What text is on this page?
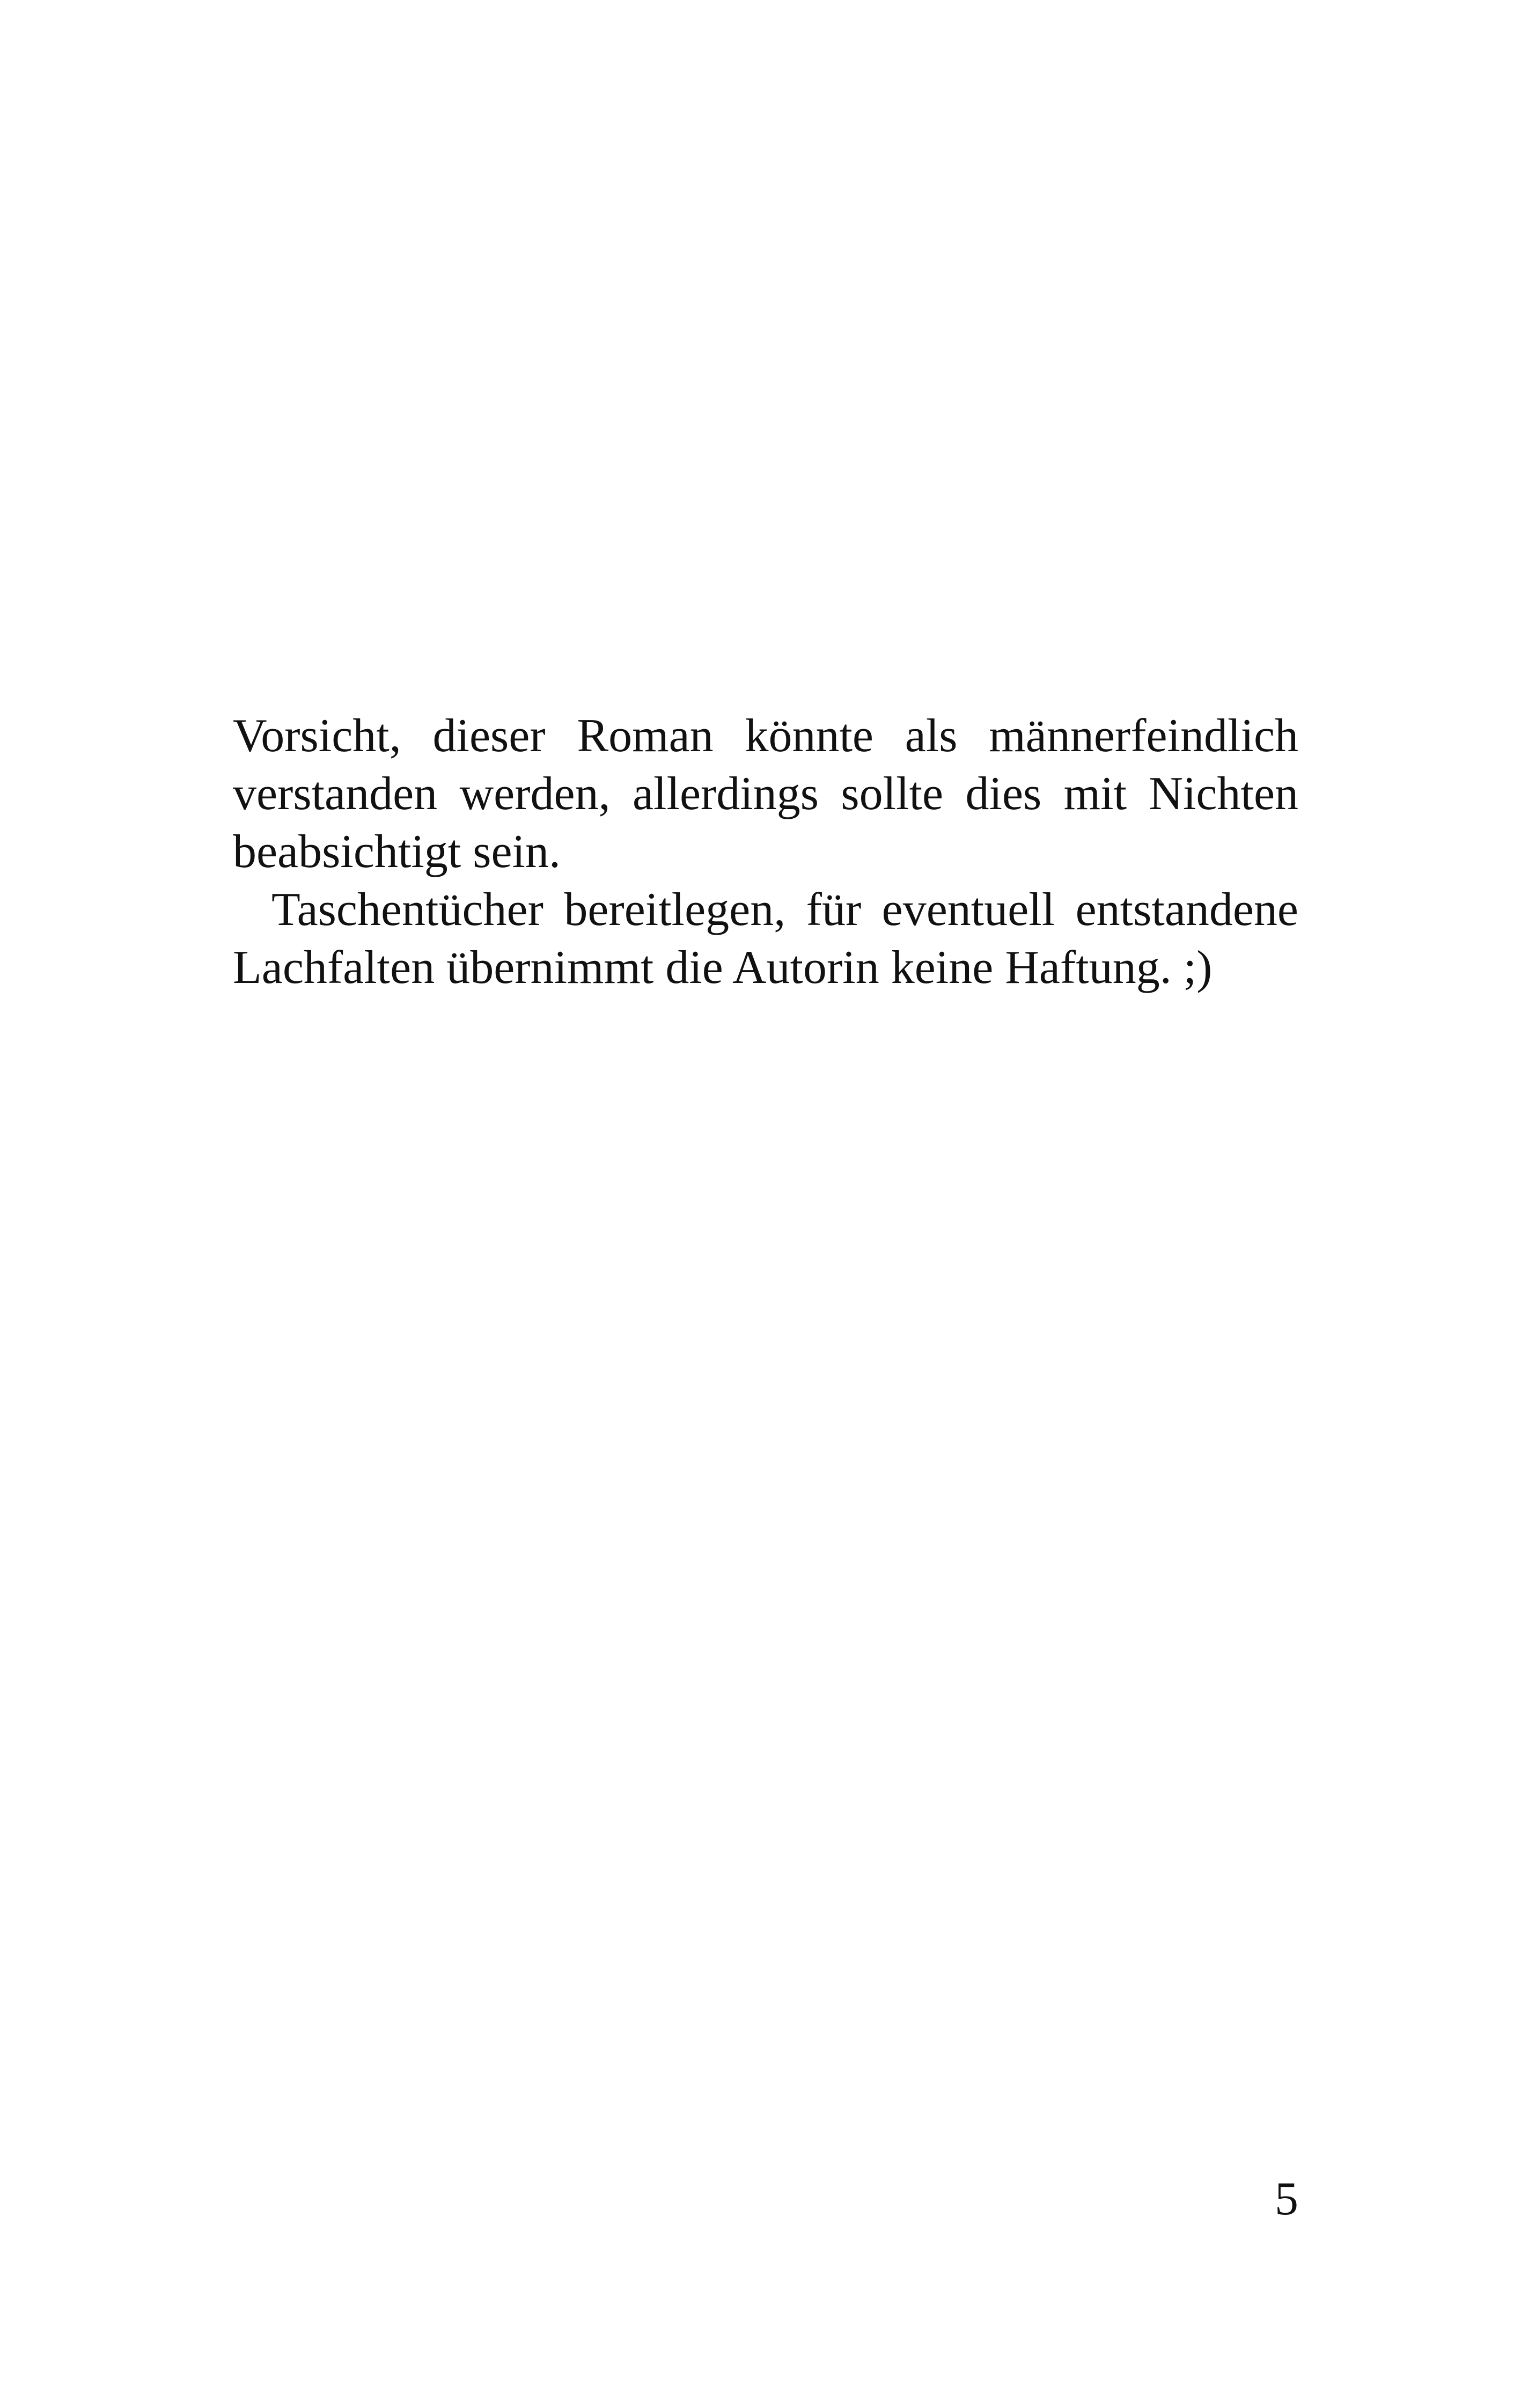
Vorsicht, dieser Roman könnte als männerfeindlich verstanden werden, allerdings sollte dies mit Nichten beabsichtigt sein.

Taschentücher bereitlegen, für eventuell entstandene Lachfalten übernimmt die Autorin keine Haftung. ;)

5
